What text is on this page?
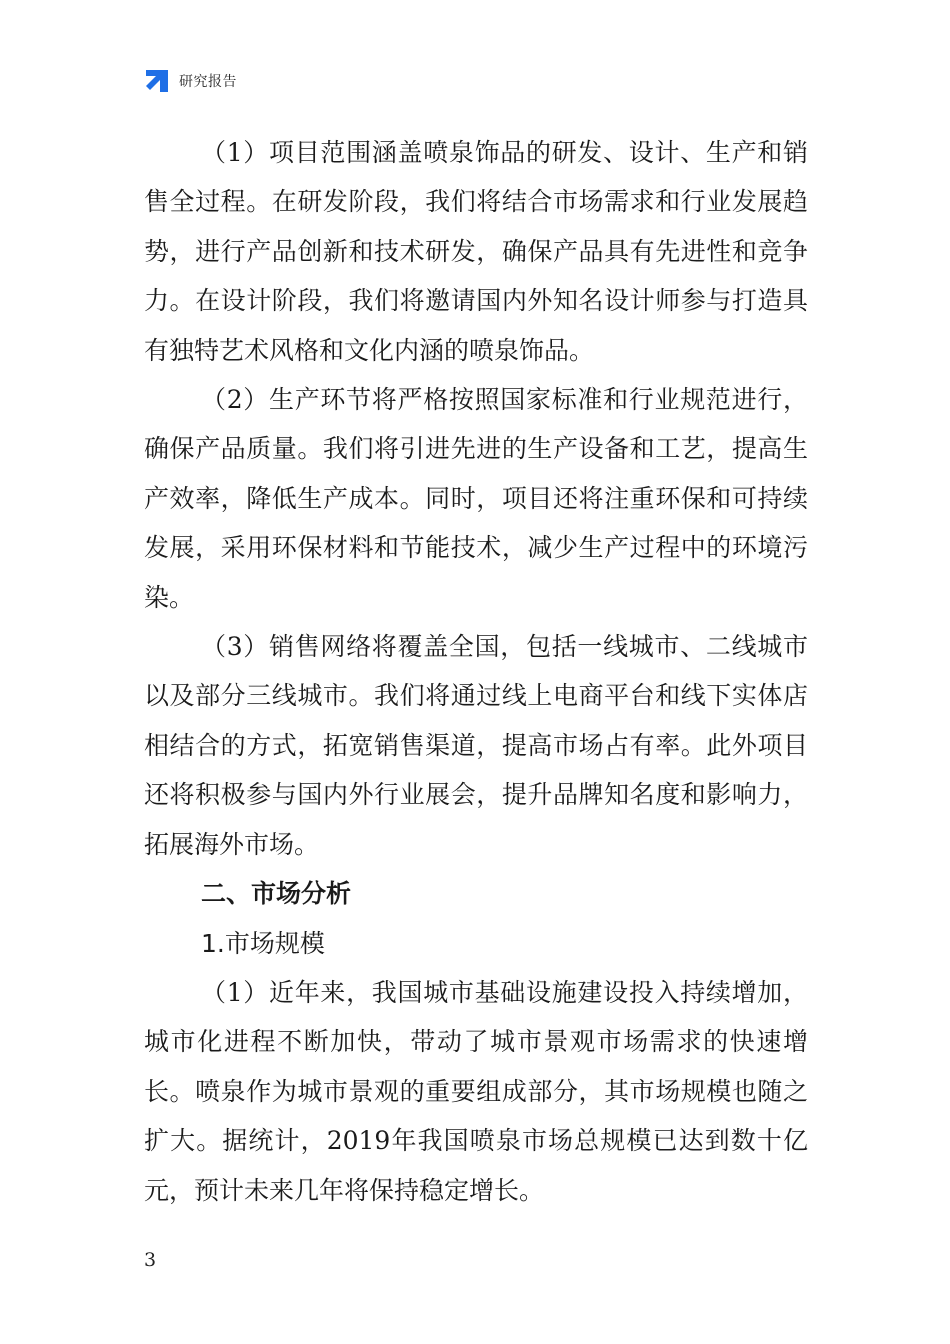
研究报告

（1）项目范围涵盖喷泉饰品的研发、设计、生产和销售全过程。在研发阶段，我们将结合市场需求和行业发展趋势，进行产品创新和技术研发，确保产品具有先进性和竞争力。在设计阶段，我们将邀请国内外知名设计师参与打造具有独特艺术风格和文化内涵的喷泉饰品。

（2）生产环节将严格按照国家标准和行业规范进行，确保产品质量。我们将引进先进的生产设备和工艺，提高生产效率，降低生产成本。同时，项目还将注重环保和可持续发展，采用环保材料和节能技术，减少生产过程中的环境污染。

（3）销售网络将覆盖全国，包括一线城市、二线城市以及部分三线城市。我们将通过线上电商平台和线下实体店相结合的方式，拓宽销售渠道，提高市场占有率。此外项目还将积极参与国内外行业展会，提升品牌知名度和影响力，拓展海外市场。

二、市场分析

1.市场规模

（1）近年来，我国城市基础设施建设投入持续增加，城市化进程不断加快，带动了城市景观市场需求的快速增长。喷泉作为城市景观的重要组成部分，其市场规模也随之扩大。据统计，2019年我国喷泉市场总规模已达到数十亿元，预计未来几年将保持稳定增长。

3
